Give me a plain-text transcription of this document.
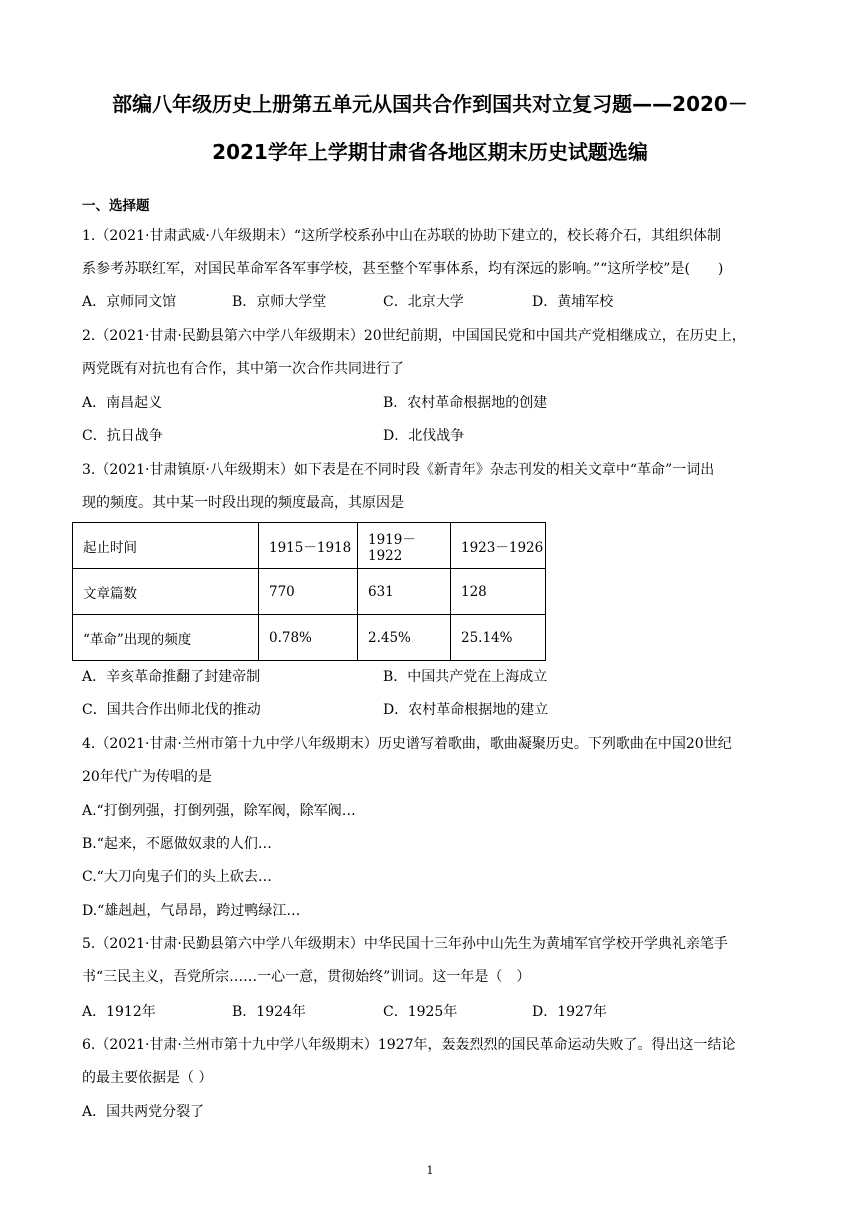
部编八年级历史上册第五单元从国共合作到国共对立复习题——2020－
2021学年上学期甘肃省各地区期末历史试题选编
一、选择题
1.（2021·甘肃武威·八年级期末）“这所学校系孙中山在苏联的协助下建立的，校长蒋介石，其组织体制
系参考苏联红军，对国民革命军各军事学校，甚至整个军事体系，均有深远的影响。”“这所学校”是(　　)
A．京师同文馆	B．京师大学堂	C．北京大学	D．黄埔军校
2.（2021·甘肃·民勤县第六中学八年级期末）20世纪前期，中国国民党和中国共产党相继成立，在历史上，
两党既有对抗也有合作，其中第一次合作共同进行了
A．南昌起义	B．农村革命根据地的创建
C．抗日战争	D．北伐战争
3.（2021·甘肃镇原·八年级期末）如下表是在不同时段《新青年》杂志刊发的相关文章中“革命”一词出
现的频度。其中某一时段出现的频度最高，其原因是
起止时间	1915－1918	1919－1922	1923－1926
文章篇数	770	631	128
“革命”出现的频度	0.78%	2.45%	25.14%
A．辛亥革命推翻了封建帝制	B．中国共产党在上海成立
C．国共合作出师北伐的推动	D．农村革命根据地的建立
4.（2021·甘肃·兰州市第十九中学八年级期末）历史谱写着歌曲，歌曲凝聚历史。下列歌曲在中国20世纪
20年代广为传唱的是
A.“打倒列强，打倒列强，除军阀，除军阀…
B.“起来，不愿做奴隶的人们…
C.“大刀向鬼子们的头上砍去…
D.“雄赳赳，气昂昂，跨过鸭绿江…
5.（2021·甘肃·民勤县第六中学八年级期末）中华民国十三年孙中山先生为黄埔军官学校开学典礼亲笔手
书“三民主义，吾党所宗……一心一意，贯彻始终”训词。这一年是（　）
A．1912年	B．1924年	C．1925年	D．1927年
6.（2021·甘肃·兰州市第十九中学八年级期末）1927年，轰轰烈烈的国民革命运动失败了。得出这一结论
的最主要依据是（ ）
A．国共两党分裂了
1
